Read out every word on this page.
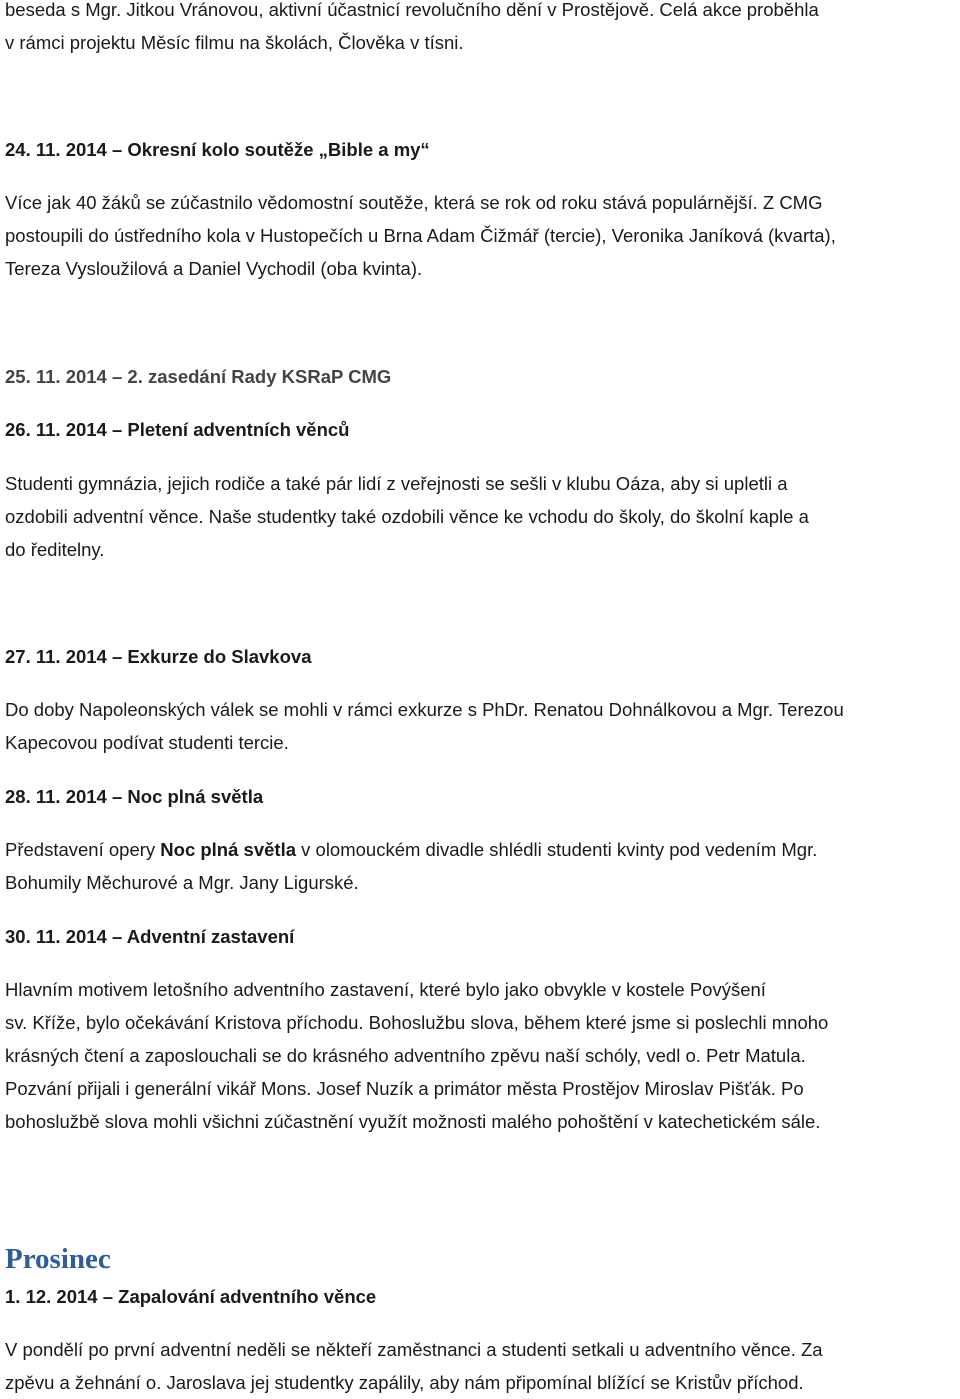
beseda s Mgr. Jitkou Vránovou, aktivní účastnicí revolučního dění v Prostějově. Celá akce proběhla

v rámci projektu Měsíc filmu na školách, Člověka v tísni.

24. 11. 2014 – Okresní kolo soutěže „Bible a my“

Více jak 40 žáků se zúčastnilo vědomostní soutěže, která se rok od roku stává populárnější. Z CMG

postoupili do ústředního kola v Hustopečích u Brna Adam Čižmář (tercie), Veronika Janíková (kvarta),

Tereza Vysloužilová a Daniel Vychodil (oba kvinta).

25. 11. 2014 – 2. zasedání Rady KSRaP CMG

26. 11. 2014 – Pletení adventních věnců

Studenti gymnázia, jejich rodiče a také pár lidí z veřejnosti se sešli v klubu Oáza, aby si upletli a

ozdobili adventní věnce. Naše studentky také ozdobili věnce ke vchodu do školy, do školní kaple a

do ředitelny.

27. 11. 2014 – Exkurze do Slavkova

Do doby Napoleonských válek se mohli v rámci exkurze s PhDr. Renatou Dohnálkovou a Mgr. Terezou

Kapecovou podívat studenti tercie.

28. 11. 2014 – Noc plná světla

Představení opery Noc plná světla v olomouckém divadle shlédli studenti kvinty pod vedením Mgr.

Bohumily Měchurové a Mgr. Jany Ligurské.

30. 11. 2014 – Adventní zastavení

Hlavním motivem letošního adventního zastavení, které bylo jako obvykle v kostele Povýšení

sv. Kříže, bylo očekávání Kristova příchodu. Bohoslužbu slova, během které jsme si poslechli mnoho

krásných čtení a zaposlouchali se do krásného adventního zpěvu naší schóly, vedl o. Petr Matula.

Pozvání přijali i generální vikář Mons. Josef Nuzík a primátor města Prostějov Miroslav Pišťák. Po

bohoslužbě slova mohli všichni zúčastnění využít možnosti malého pohoštění v katechetickém sále.

Prosinec

1. 12. 2014 – Zapalování adventního věnce

V pondělí po první adventní neděli se někteří zaměstnanci a studenti setkali u adventního věnce. Za

zpěvu a žehnání o. Jaroslava jej studentky zapálily, aby nám připomínal blížící se Kristův příchod.
